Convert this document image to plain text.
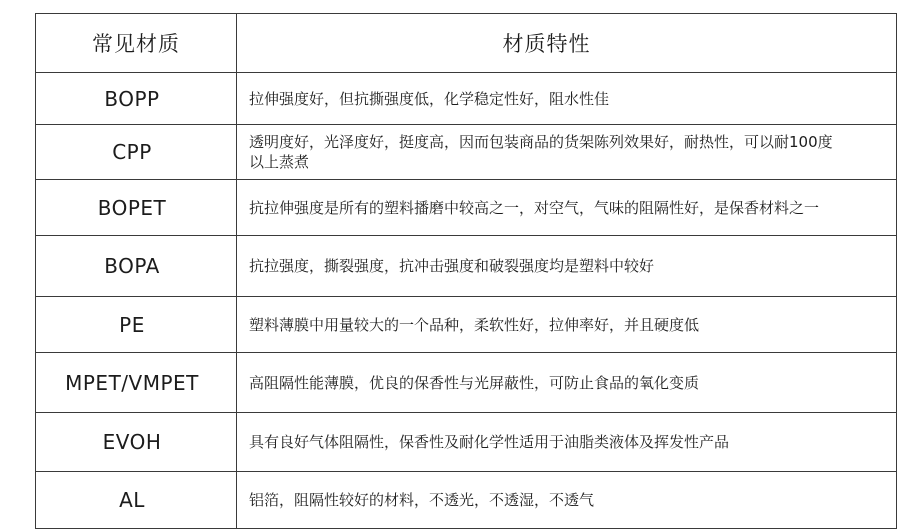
常见材质	材质特性
BOPP	拉伸强度好，但抗撕强度低，化学稳定性好，阻水性佳
CPP	透明度好，光泽度好，挺度高，因而包装商品的货架陈列效果好，耐热性，可以耐100度以上蒸煮
BOPET	抗拉伸强度是所有的塑料播磨中较高之一，对空气，气味的阻隔性好，是保香材料之一
BOPA	抗拉强度，撕裂强度，抗冲击强度和破裂强度均是塑料中较好
PE	塑料薄膜中用量较大的一个品种，柔软性好，拉伸率好，并且硬度低
MPET/VMPET	高阻隔性能薄膜，优良的保香性与光屏蔽性，可防止食品的氧化变质
EVOH	具有良好气体阻隔性，保香性及耐化学性适用于油脂类液体及挥发性产品
AL	铝箔，阻隔性较好的材料，不透光，不透湿，不透气
